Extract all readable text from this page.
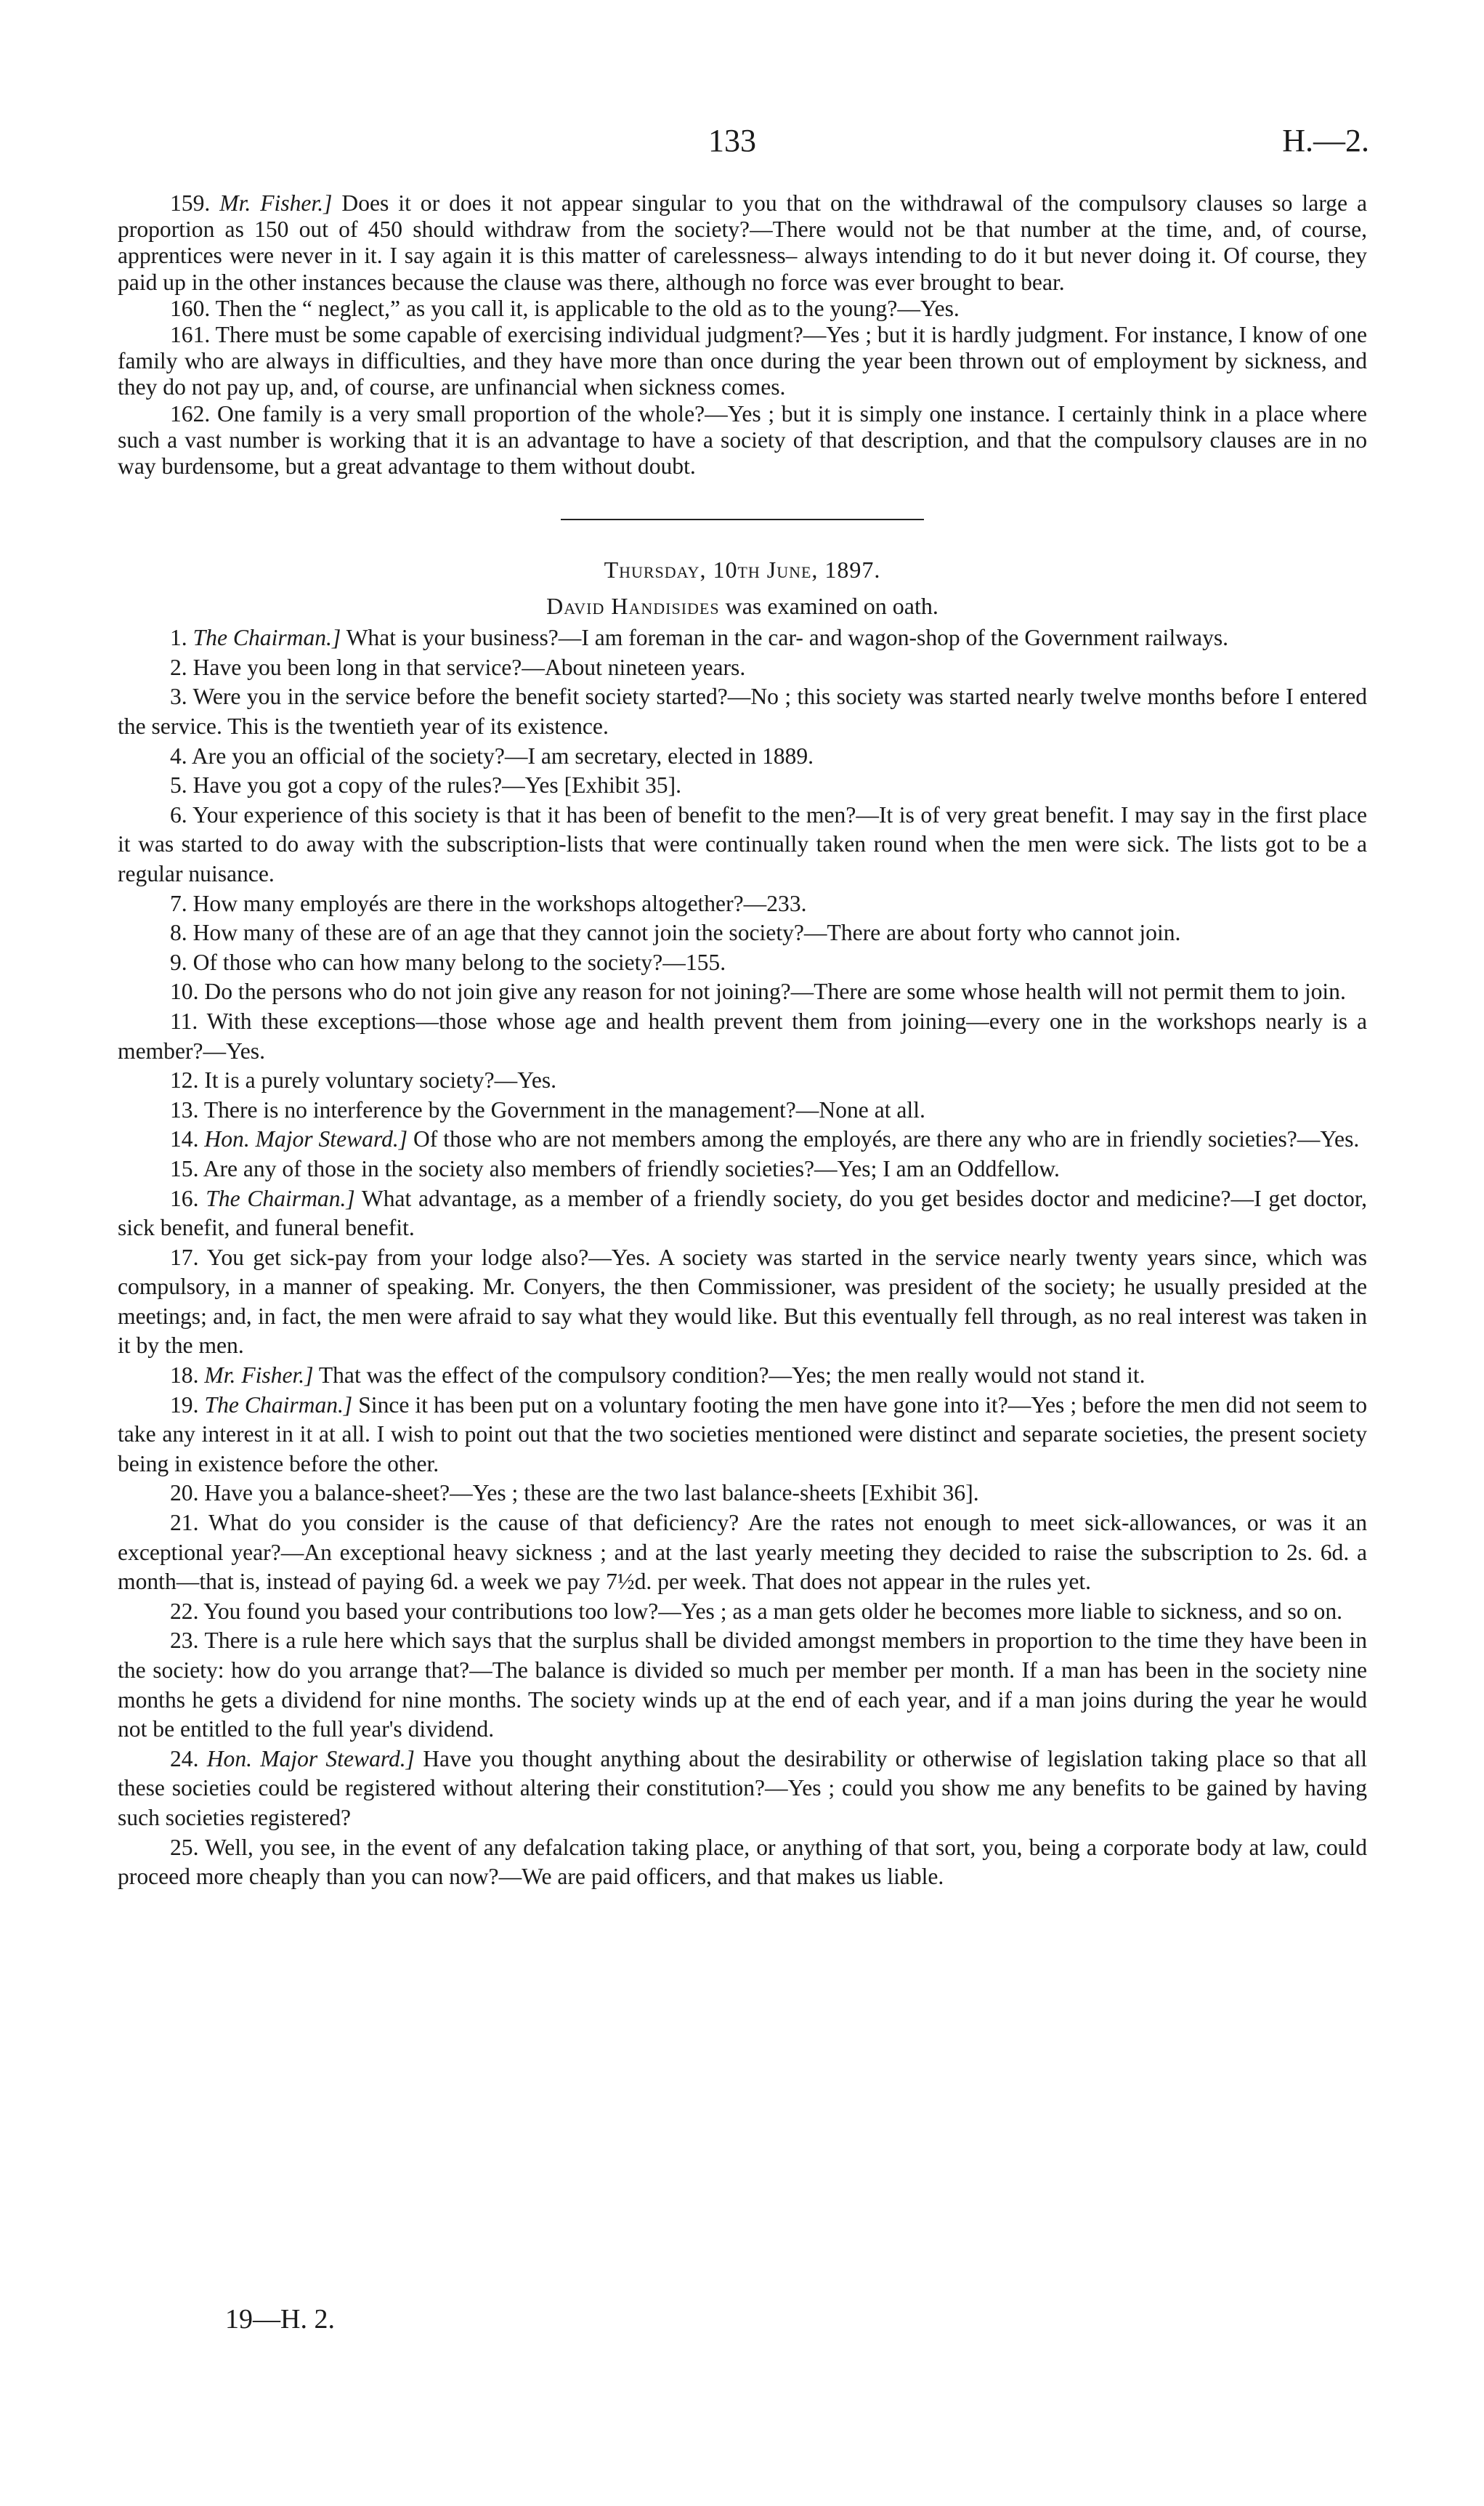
133	H.—2.

159. Mr. Fisher.] Does it or does it not appear singular to you that on the withdrawal of the compulsory clauses so large a proportion as 150 out of 450 should withdraw from the society?—There would not be that number at the time, and, of course, apprentices were never in it. I say again it is this matter of carelessness– always intending to do it but never doing it. Of course, they paid up in the other instances because the clause was there, although no force was ever brought to bear.

160. Then the “ neglect,” as you call it, is applicable to the old as to the young?—Yes.

161. There must be some capable of exercising individual judgment?—Yes ; but it is hardly judgment. For instance, I know of one family who are always in difficulties, and they have more than once during the year been thrown out of employment by sickness, and they do not pay up, and, of course, are unfinancial when sickness comes.

162. One family is a very small proportion of the whole?—Yes ; but it is simply one instance. I certainly think in a place where such a vast number is working that it is an advantage to have a society of that description, and that the compulsory clauses are in no way burdensome, but a great advantage to them without doubt.

Thursday, 10th June, 1897.
David Handisides was examined on oath.

1. The Chairman.] What is your business?—I am foreman in the car- and wagon-shop of the Government railways.

2. Have you been long in that service?—About nineteen years.

3. Were you in the service before the benefit society started?—No ; this society was started nearly twelve months before I entered the service. This is the twentieth year of its existence.

4. Are you an official of the society?—I am secretary, elected in 1889.

5. Have you got a copy of the rules?—Yes [Exhibit 35].

6. Your experience of this society is that it has been of benefit to the men?—It is of very great benefit. I may say in the first place it was started to do away with the subscription-lists that were continually taken round when the men were sick. The lists got to be a regular nuisance.

7. How many employés are there in the workshops altogether?—233.

8. How many of these are of an age that they cannot join the society?—There are about forty who cannot join.

9. Of those who can how many belong to the society?—155.

10. Do the persons who do not join give any reason for not joining?—There are some whose health will not permit them to join.

11. With these exceptions—those whose age and health prevent them from joining—every one in the workshops nearly is a member?—Yes.

12. It is a purely voluntary society?—Yes.

13. There is no interference by the Government in the management?—None at all.

14. Hon. Major Steward.] Of those who are not members among the employés, are there any who are in friendly societies?—Yes.

15. Are any of those in the society also members of friendly societies?—Yes; I am an Oddfellow.

16. The Chairman.] What advantage, as a member of a friendly society, do you get besides doctor and medicine?—I get doctor, sick benefit, and funeral benefit.

17. You get sick-pay from your lodge also?—Yes. A society was started in the service nearly twenty years since, which was compulsory, in a manner of speaking. Mr. Conyers, the then Commissioner, was president of the society; he usually presided at the meetings; and, in fact, the men were afraid to say what they would like. But this eventually fell through, as no real interest was taken in it by the men.

18. Mr. Fisher.] That was the effect of the compulsory condition?—Yes; the men really would not stand it.

19. The Chairman.] Since it has been put on a voluntary footing the men have gone into it?—Yes ; before the men did not seem to take any interest in it at all. I wish to point out that the two societies mentioned were distinct and separate societies, the present society being in existence before the other.

20. Have you a balance-sheet?—Yes ; these are the two last balance-sheets [Exhibit 36].

21. What do you consider is the cause of that deficiency? Are the rates not enough to meet sick-allowances, or was it an exceptional year?—An exceptional heavy sickness ; and at the last yearly meeting they decided to raise the subscription to 2s. 6d. a month—that is, instead of paying 6d. a week we pay 7½d. per week. That does not appear in the rules yet.

22. You found you based your contributions too low?—Yes ; as a man gets older he becomes more liable to sickness, and so on.

23. There is a rule here which says that the surplus shall be divided amongst members in proportion to the time they have been in the society: how do you arrange that?—The balance is divided so much per member per month. If a man has been in the society nine months he gets a dividend for nine months. The society winds up at the end of each year, and if a man joins during the year he would not be entitled to the full year's dividend.

24. Hon. Major Steward.] Have you thought anything about the desirability or otherwise of legislation taking place so that all these societies could be registered without altering their constitution?—Yes ; could you show me any benefits to be gained by having such societies registered?

25. Well, you see, in the event of any defalcation taking place, or anything of that sort, you, being a corporate body at law, could proceed more cheaply than you can now?—We are paid officers, and that makes us liable.

19—H. 2.
